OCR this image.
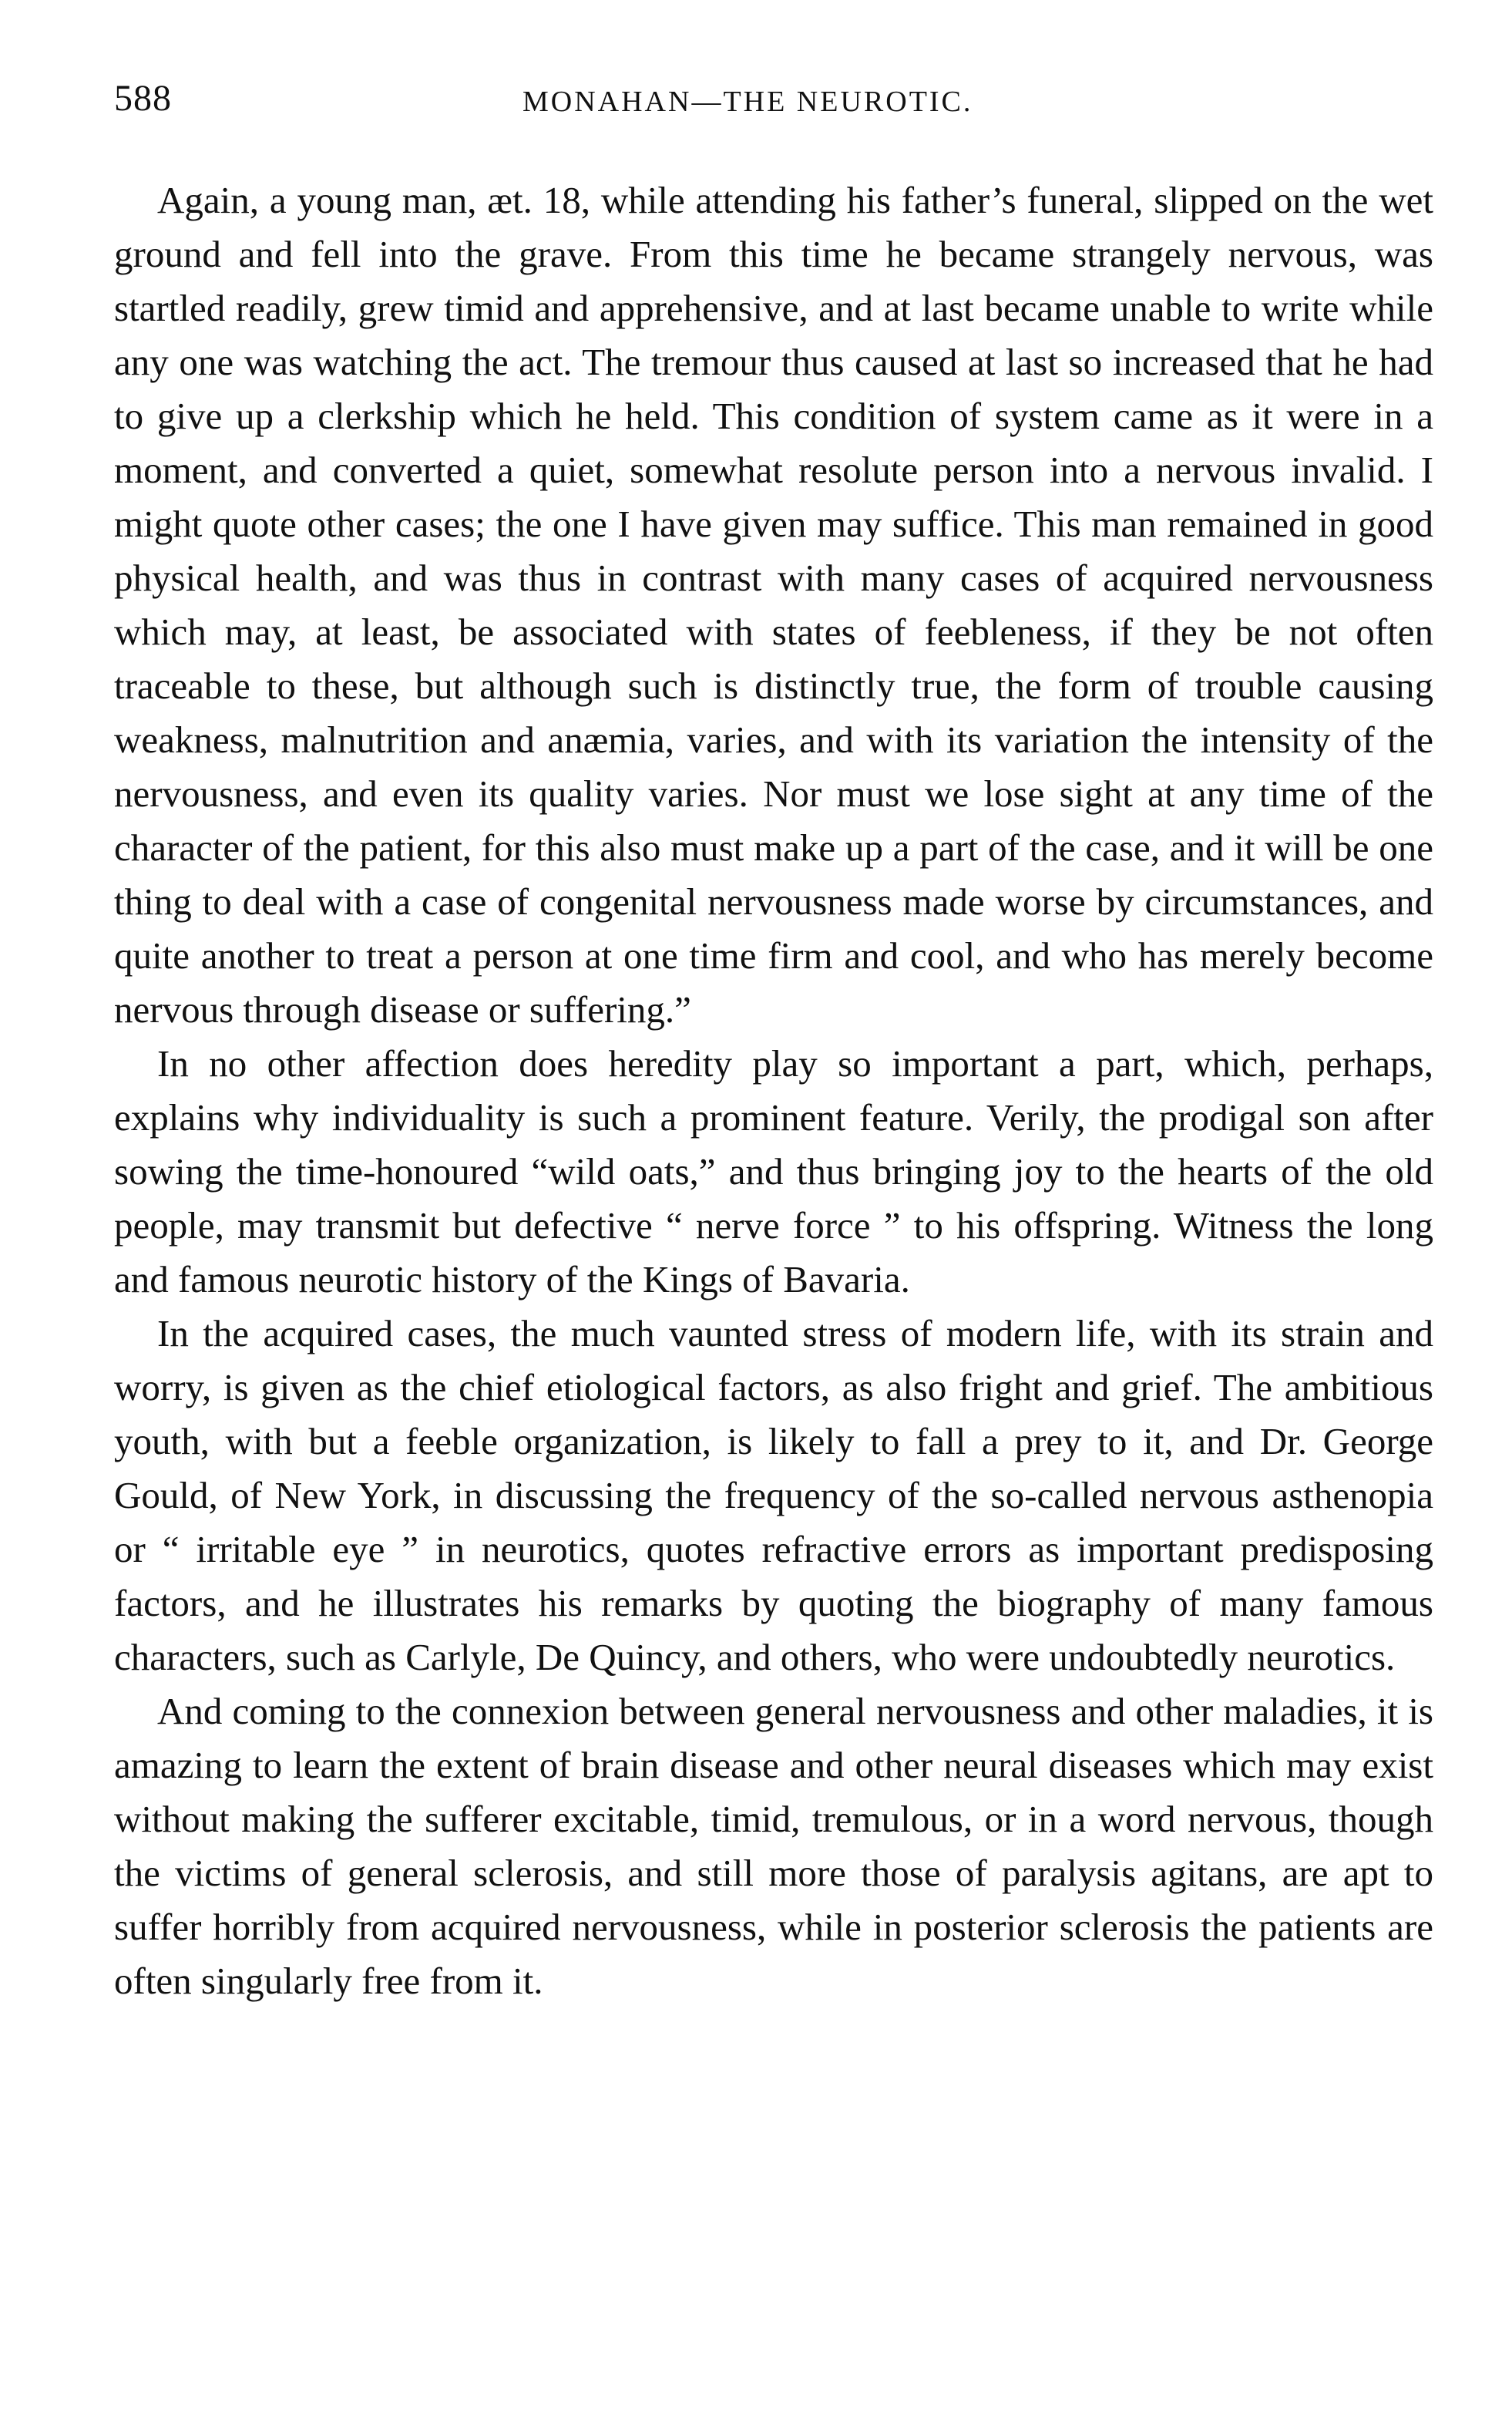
588	MONAHAN—THE NEUROTIC.

Again, a young man, æt. 18, while attending his father’s funeral, slipped on the wet ground and fell into the grave. From this time he became strangely nervous, was startled readily, grew timid and apprehensive, and at last became unable to write while any one was watching the act. The tremour thus caused at last so increased that he had to give up a clerkship which he held. This condition of system came as it were in a moment, and converted a quiet, somewhat resolute person into a nervous invalid. I might quote other cases; the one I have given may suffice. This man remained in good physical health, and was thus in contrast with many cases of acquired nervousness which may, at least, be associated with states of feebleness, if they be not often traceable to these, but although such is distinctly true, the form of trouble causing weakness, malnutrition and anæmia, varies, and with its variation the intensity of the nervousness, and even its quality varies. Nor must we lose sight at any time of the character of the patient, for this also must make up a part of the case, and it will be one thing to deal with a case of congenital nervousness made worse by circumstances, and quite another to treat a person at one time firm and cool, and who has merely become nervous through disease or suffering.”

In no other affection does heredity play so important a part, which, perhaps, explains why individuality is such a prominent feature. Verily, the prodigal son after sowing the time-honoured “wild oats,” and thus bringing joy to the hearts of the old people, may transmit but defective “ nerve force ” to his offspring. Witness the long and famous neurotic history of the Kings of Bavaria.

In the acquired cases, the much vaunted stress of modern life, with its strain and worry, is given as the chief etiological factors, as also fright and grief. The ambitious youth, with but a feeble organization, is likely to fall a prey to it, and Dr. George Gould, of New York, in discussing the frequency of the so-called nervous asthenopia or “ irritable eye ” in neurotics, quotes refractive errors as important predisposing factors, and he illustrates his remarks by quoting the biography of many famous characters, such as Carlyle, De Quincy, and others, who were undoubtedly neurotics.

And coming to the connexion between general nervousness and other maladies, it is amazing to learn the extent of brain disease and other neural diseases which may exist without making the sufferer excitable, timid, tremulous, or in a word nervous, though the victims of general sclerosis, and still more those of paralysis agitans, are apt to suffer horribly from acquired nervousness, while in posterior sclerosis the patients are often singularly free from it.
